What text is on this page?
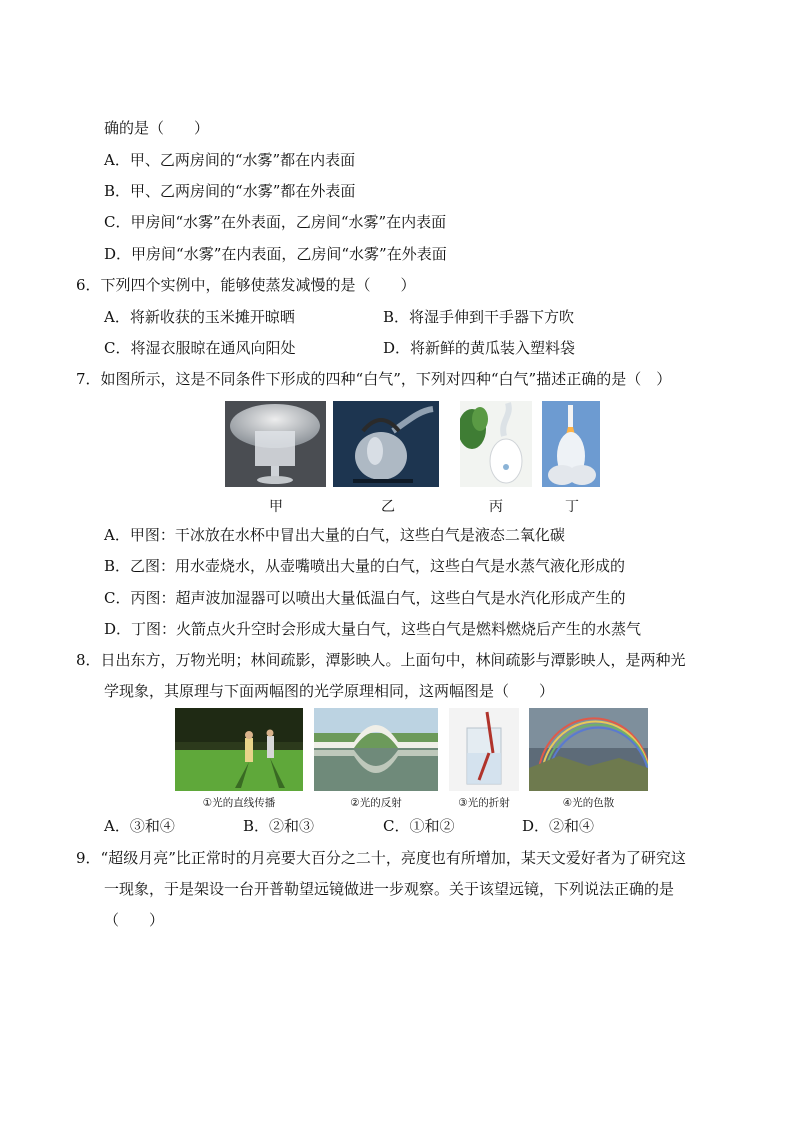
确的是（　　）
A．甲、乙两房间的“水雾”都在内表面
B．甲、乙两房间的“水雾”都在外表面
C．甲房间“水雾”在外表面，乙房间“水雾”在内表面
D．甲房间“水雾”在内表面，乙房间“水雾”在外表面
6．下列四个实例中，能够使蒸发减慢的是（　　）
A．将新收获的玉米摊开晾晒	B．将湿手伸到干手器下方吹
C．将湿衣服晾在通风向阳处	D．将新鲜的黄瓜装入塑料袋
7．如图所示，这是不同条件下形成的四种“白气”，下列对四种“白气”描述正确的是（　）
甲	乙	丙	丁
A．甲图：干冰放在水杯中冒出大量的白气，这些白气是液态二氧化碳
B．乙图：用水壶烧水，从壶嘴喷出大量的白气，这些白气是水蒸气液化形成的
C．丙图：超声波加湿器可以喷出大量低温白气，这些白气是水汽化形成产生的
D．丁图：火箭点火升空时会形成大量白气，这些白气是燃料燃烧后产生的水蒸气
8．日出东方，万物光明；林间疏影，潭影映人。上面句中，林间疏影与潭影映人，是两种光
学现象，其原理与下面两幅图的光学原理相同，这两幅图是（　　）
①光的直线传播	②光的反射	③光的折射	④光的色散
A．③和④	B．②和③	C．①和②	D．②和④
9．“超级月亮”比正常时的月亮要大百分之二十，亮度也有所增加，某天文爱好者为了研究这
一现象，于是架设一台开普勒望远镜做进一步观察。关于该望远镜，下列说法正确的是
（　　）
